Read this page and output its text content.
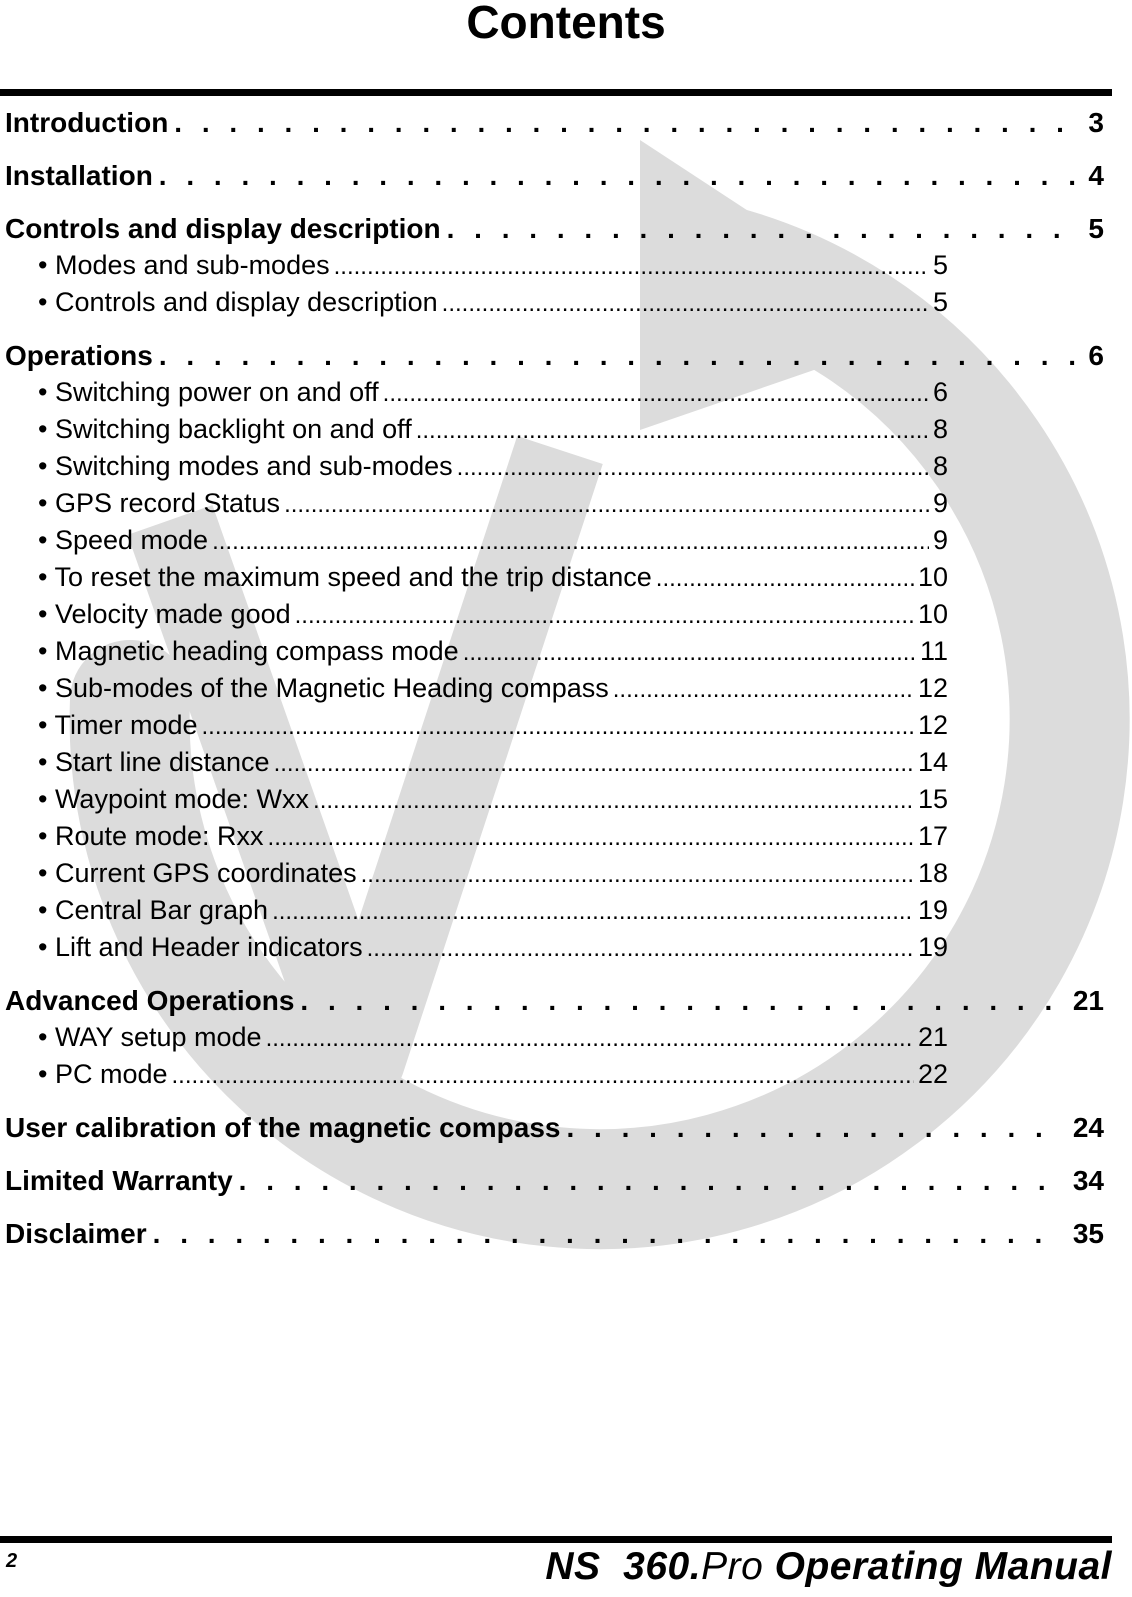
Contents
Introduction . . .	3
Installation . . .	4
Controls and display description . . .	5
• Modes and sub-modes .....	5
• Controls and display description .....	5
Operations . . .	6
• Switching power on and off .....	6
• Switching backlight on and off .....	8
• Switching modes and sub-modes .....	8
• GPS record Status .....	9
• Speed mode .....	9
• To reset the maximum speed and the trip distance .....	10
• Velocity made good .....	10
• Magnetic heading compass mode .....	11
• Sub-modes of the Magnetic Heading compass .....	12
• Timer mode .....	12
• Start line distance .....	14
• Waypoint mode: Wxx .....	15
• Route mode: Rxx .....	17
• Current GPS coordinates .....	18
• Central Bar graph .....	19
• Lift and Header indicators .....	19
Advanced Operations . . .	21
• WAY setup mode .....	21
• PC mode .....	22
User calibration of the magnetic compass . . .	24
Limited Warranty . . .	34
Disclaimer . . .	35
2	NS 360.Pro Operating Manual
